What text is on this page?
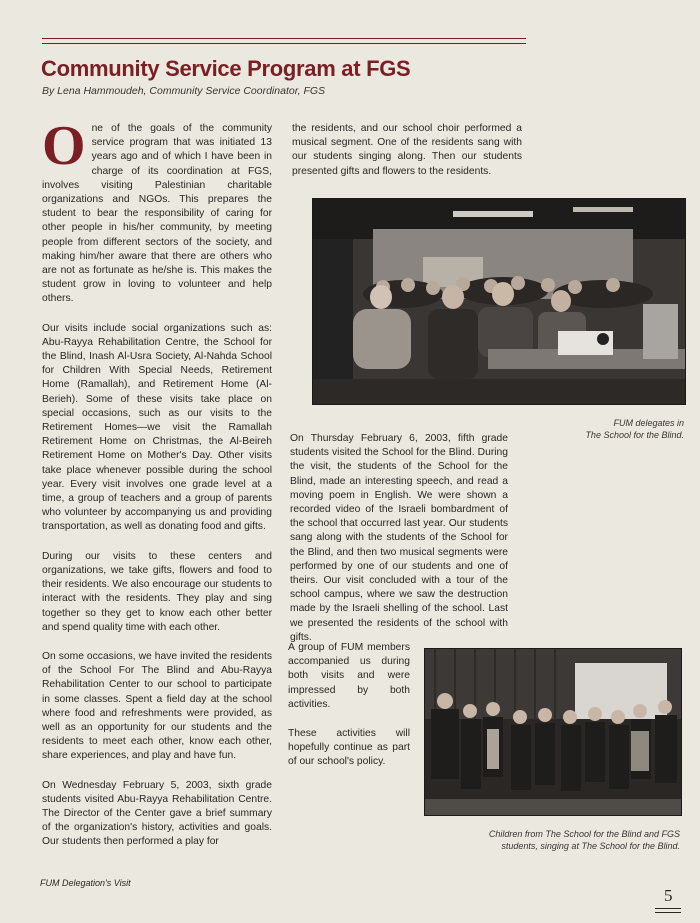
Community Service Program at FGS
By Lena Hammoudeh, Community Service Coordinator, FGS

One of the goals of the community service program that was initiated 13 years ago and of which I have been in charge of its coordination at FGS, involves visiting Palestinian charitable organizations and NGOs. This prepares the student to bear the responsibility of caring for other people in his/her community, by meeting people from different sectors of the society, and making him/her aware that there are others who are not as fortunate as he/she is. This makes the student grow in loving to volunteer and help others.

Our visits include social organizations such as: Abu-Rayya Rehabilitation Centre, the School for the Blind, Inash Al-Usra Society, Al-Nahda School for Children With Special Needs, Retirement Home (Ramallah), and Retirement Home (Al-Berieh). Some of these visits take place on special occasions, such as our visits to the Retirement Homes—we visit the Ramallah Retirement Home on Christmas, the Al-Beireh Retirement Home on Mother's Day. Other visits take place whenever possible during the school year. Every visit involves one grade level at a time, a group of teachers and a group of parents who volunteer by accompanying us and providing transportation, as well as donating food and gifts.

During our visits to these centers and organizations, we take gifts, flowers and food to their residents. We also encourage our students to interact with the residents. They play and sing together so they get to know each other better and spend quality time with each other.

On some occasions, we have invited the residents of the School For The Blind and Abu-Rayya Rehabilitation Center to our school to participate in some classes. Spent a field day at the school where food and refreshments were provided, as well as an opportunity for our students and the residents to meet each other, know each other, share experiences, and play and have fun.

On Wednesday February 5, 2003, sixth grade students visited Abu-Rayya Rehabilitation Centre. The Director of the Center gave a brief summary of the organization's history, activities and goals. Our students then performed a play for

the residents, and our school choir performed a musical segment. One of the residents sang with our students singing along. Then our students presented gifts and flowers to the residents.

FUM delegates in
The School for the Blind.

On Thursday February 6, 2003, fifth grade students visited the School for the Blind. During the visit, the students of the School for the Blind, made an interesting speech, and read a moving poem in English. We were shown a recorded video of the Israeli bombardment of the school that occurred last year. Our students sang along with the students of the School for the Blind, and then two musical segments were performed by one of our students and one of theirs. Our visit concluded with a tour of the school campus, where we saw the destruction made by the Israeli shelling of the school. Last we presented the residents of the school with gifts.

A group of FUM members accompanied us during both visits and were impressed by both activities.

These activities will hopefully continue as part of our school's policy.

Children from The School for the Blind and FGS
students, singing at The School for the Blind.
FUM Delegation's Visit
5
